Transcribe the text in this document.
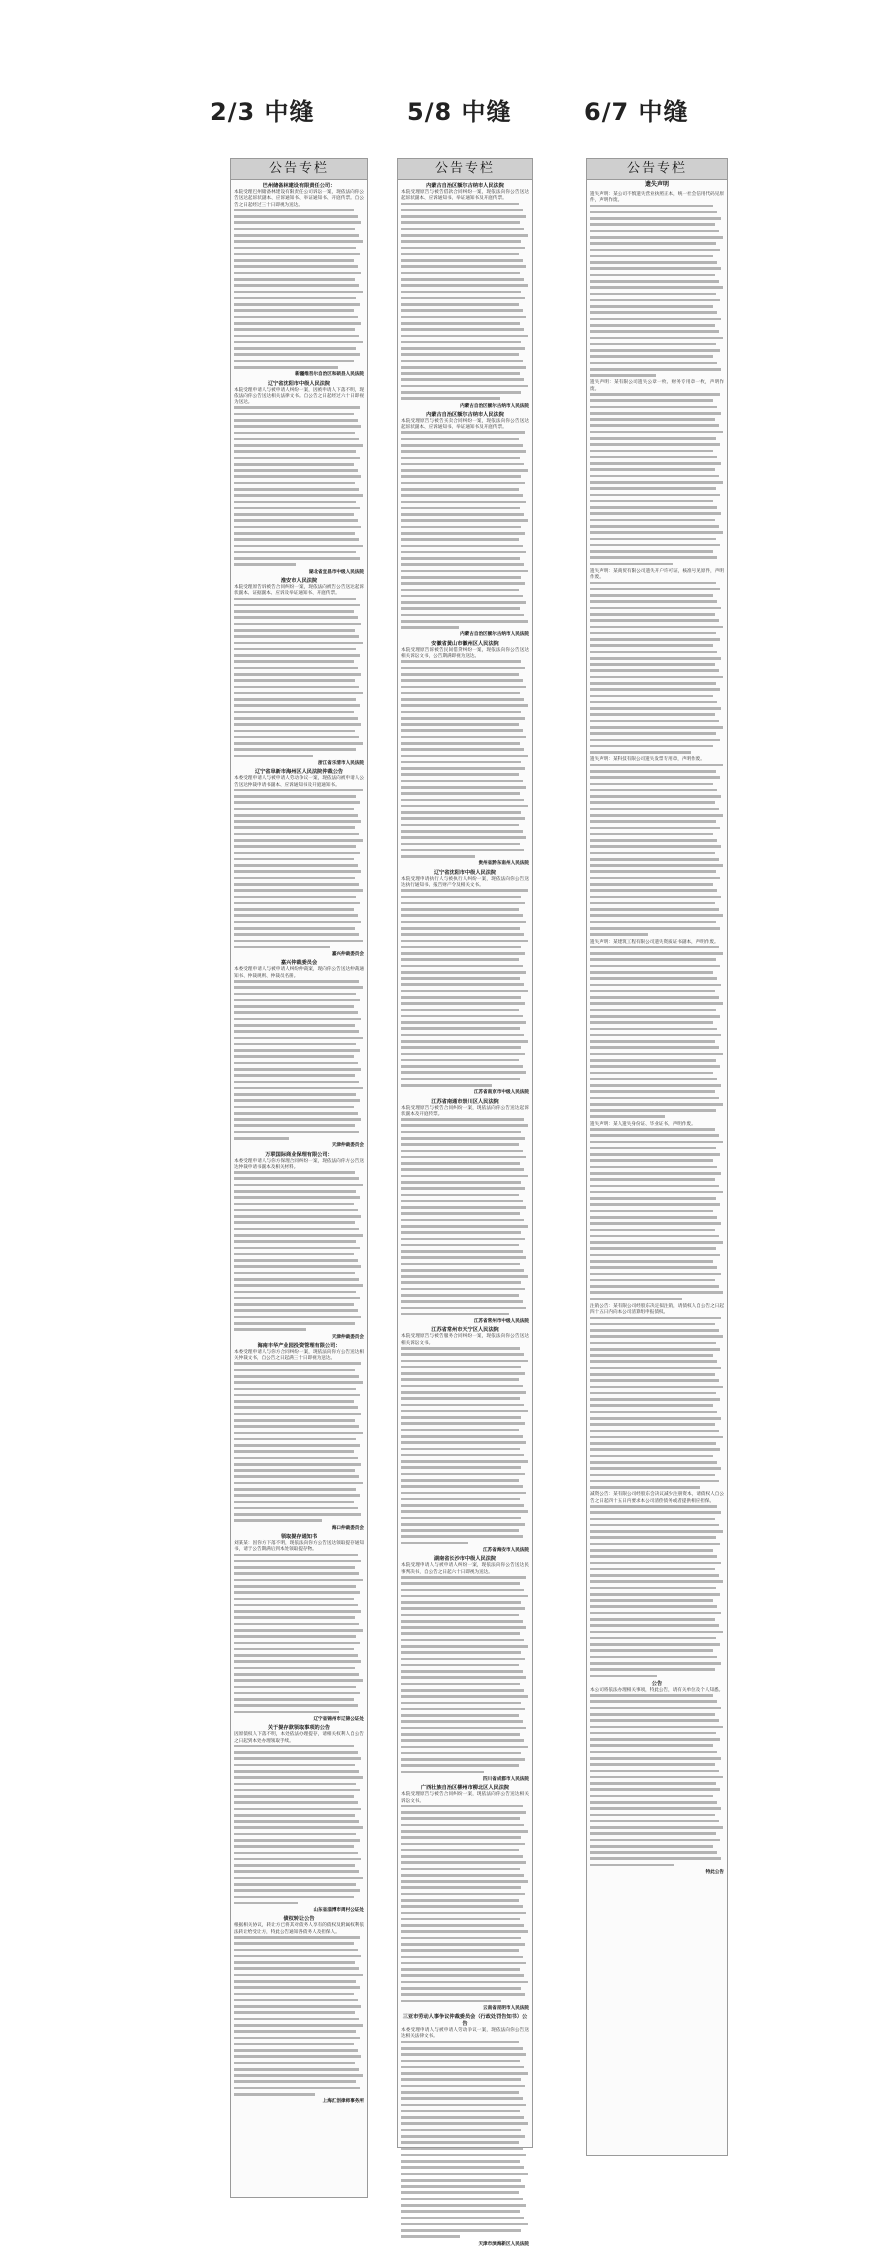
2/3 中缝	5/8 中缝	6/7 中缝
公告专栏
巴州储备林建设有限责任公司：

本院受理巴州储备林建设有限责任公司诉讼一案，现依法向你公告送达起诉状副本、应诉通知书、举证通知书、开庭传票。自公告之日起经过三十日即视为送达。

新疆维吾尔自治区和硕县人民法院
辽宁省沈阳市中级人民法院

本院受理申请人与被申请人纠纷一案，因被申请人下落不明，现依法向你公告送达相关法律文书。自公告之日起经过六十日即视为送达。

湖北省宜昌市中级人民法院
淮安市人民法院

本院受理原告诉被告合同纠纷一案，现依法向被告公告送达起诉状副本、证据副本、应诉及举证通知书、开庭传票。

浙江省乐清市人民法院
辽宁省阜新市海州区人民法院仲裁公告

本委受理申请人与被申请人劳动争议一案，现依法向被申请人公告送达仲裁申请书副本、应诉通知书及开庭通知书。

嘉兴仲裁委员会
嘉兴仲裁委员会

本委受理申请人与被申请人纠纷仲裁案，现向你公告送达仲裁通知书、仲裁规则、仲裁员名册。

天津仲裁委员会
万联国际商业保理有限公司：

本委受理申请人与你方保理合同纠纷一案，现依法向你方公告送达仲裁申请书副本及相关材料。

天津仲裁委员会
海南丰华产业园投资管理有限公司：

本委受理申请人与你方合同纠纷一案，现依法向你方公告送达相关仲裁文书，自公告之日起满三十日即视为送达。

海口仲裁委员会
领取提存通知书

刘某某：因你方下落不明，现依法向你方公告送达领取提存通知书，请于公告期满后到本处领取提存物。

辽宁省锦州市辽锦公证处
关于提存款领取事项的公告

因原债权人下落不明，本处依法办理提存，请相关权利人自公告之日起到本处办理领取手续。

山东省淄博市周村公证处
债权转让公告

根据相关协议，转让方已将其对债务人享有的债权及附属权利依法转让给受让方，特此公告通知各债务人及担保人。

上海汇创律师事务所
公告专栏
内蒙古自治区额尔古纳市人民法院

本院受理原告与被告借款合同纠纷一案，现依法向你公告送达起诉状副本、应诉通知书、举证通知书及开庭传票。

内蒙古自治区额尔古纳市人民法院
内蒙古自治区额尔古纳市人民法院

本院受理原告与被告买卖合同纠纷一案，现依法向你公告送达起诉状副本、应诉通知书、举证通知书及开庭传票。

内蒙古自治区额尔古纳市人民法院
安徽省黄山市徽州区人民法院

本院受理原告诉被告民间借贷纠纷一案，现依法向你公告送达相关诉讼文书，公告期满即视为送达。

贵州省黔东南州人民法院
辽宁省沈阳市中级人民法院

本院受理申请执行人与被执行人纠纷一案，现依法向你公告送达执行通知书、报告财产令及相关文书。

江苏省南京市中级人民法院
江苏省南通市崇川区人民法院

本院受理原告与被告合同纠纷一案，现依法向你公告送达起诉状副本及开庭传票。

江苏省常州市中级人民法院
江苏省常州市天宁区人民法院

本院受理原告与被告服务合同纠纷一案，现依法向你公告送达相关诉讼文书。

江苏省海安市人民法院
湖南省长沙市中级人民法院

本院受理申请人与被申请人纠纷一案，现依法向你公告送达民事判决书，自公告之日起六十日即视为送达。

四川省成都市人民法院
广西壮族自治区柳州市柳北区人民法院

本院受理原告与被告合同纠纷一案，现依法向你公告送达相关诉讼文书。

云南省昆明市人民法院
三亚市劳动人事争议仲裁委员会（行政处罚告知书）公告

本委受理申请人与被申请人劳动争议一案，现依法向你公告送达相关法律文书。

天津市滨海新区人民法院
公告专栏
遗失声明

遗失声明：某公司不慎遗失营业执照正本，统一社会信用代码见原件，声明作废。

遗失声明：某有限公司遗失公章一枚、财务专用章一枚，声明作废。

遗失声明：某商贸有限公司遗失开户许可证，核准号见原件，声明作废。

遗失声明：某科技有限公司遗失发票专用章，声明作废。

遗失声明：某建筑工程有限公司遗失资质证书副本，声明作废。

遗失声明：某人遗失身份证、毕业证书，声明作废。

注销公告：某有限公司经股东决定拟注销，请债权人自公告之日起四十五日内向本公司清算组申报债权。

减资公告：某有限公司经股东会决议减少注册资本，请债权人自公告之日起四十五日内要求本公司清偿债务或者提供相应担保。

公告

本公司将依法办理相关事项，特此公告，请有关单位及个人知悉。

特此公告
